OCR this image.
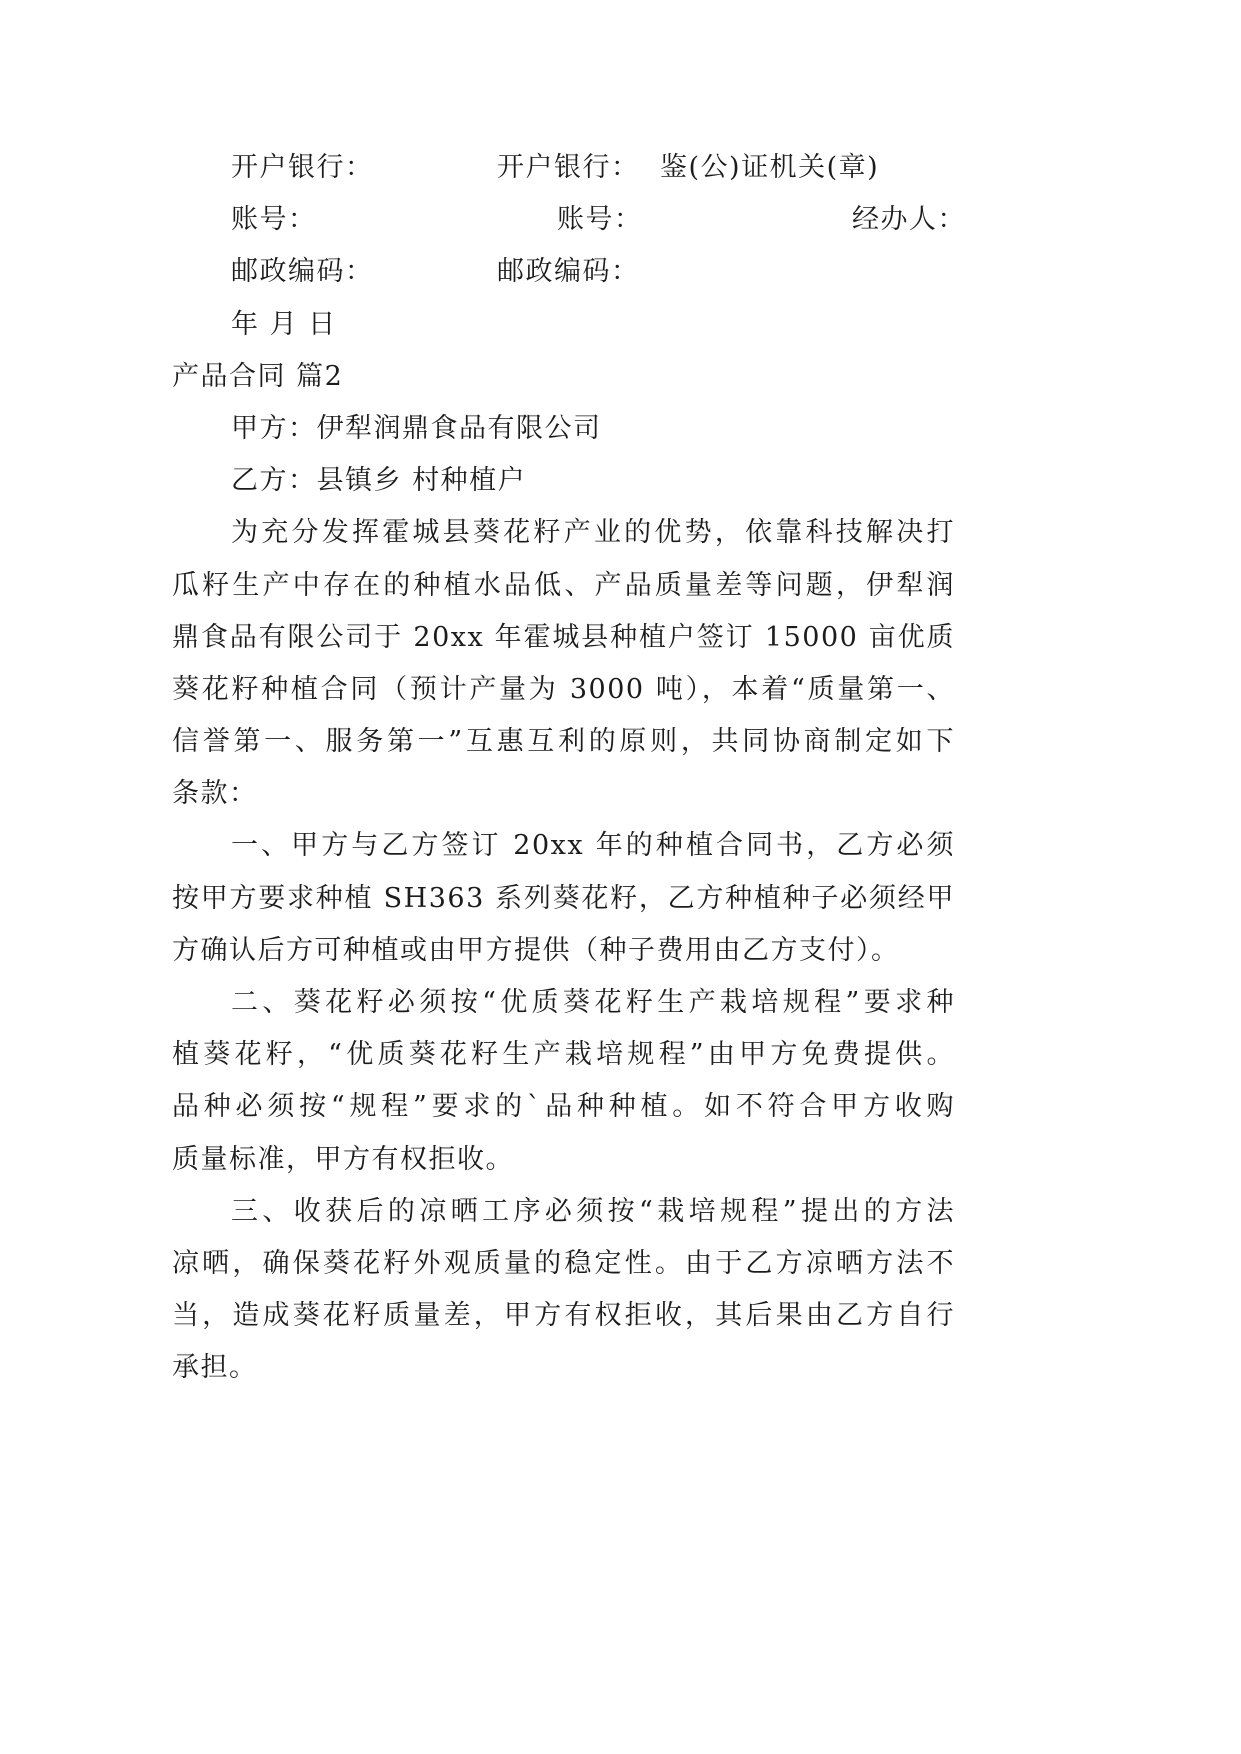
开户银行：	开户银行： 鉴(公)证机关(章)
账号：	账号：	经办人：
邮政编码：	邮政编码：
年 月 日
产品合同 篇2
甲方：伊犁润鼎食品有限公司
乙方：县镇乡 村种植户
为充分发挥霍城县葵花籽产业的优势，依靠科技解决打
瓜籽生产中存在的种植水品低、产品质量差等问题，伊犁润
鼎食品有限公司于 20xx 年霍城县种植户签订 15000 亩优质
葵花籽种植合同（预计产量为 3000 吨），本着“质量第一、
信誉第一、服务第一”互惠互利的原则，共同协商制定如下
条款：
一、甲方与乙方签订 20xx 年的种植合同书，乙方必须
按甲方要求种植 SH363 系列葵花籽，乙方种植种子必须经甲
方确认后方可种植或由甲方提供（种子费用由乙方支付）。
二、葵花籽必须按“优质葵花籽生产栽培规程”要求种
植葵花籽，“优质葵花籽生产栽培规程”由甲方免费提供。
品种必须按“规程”要求的`品种种植。如不符合甲方收购
质量标准，甲方有权拒收。
三、收获后的凉晒工序必须按“栽培规程”提出的方法
凉晒，确保葵花籽外观质量的稳定性。由于乙方凉晒方法不
当，造成葵花籽质量差，甲方有权拒收，其后果由乙方自行
承担。
